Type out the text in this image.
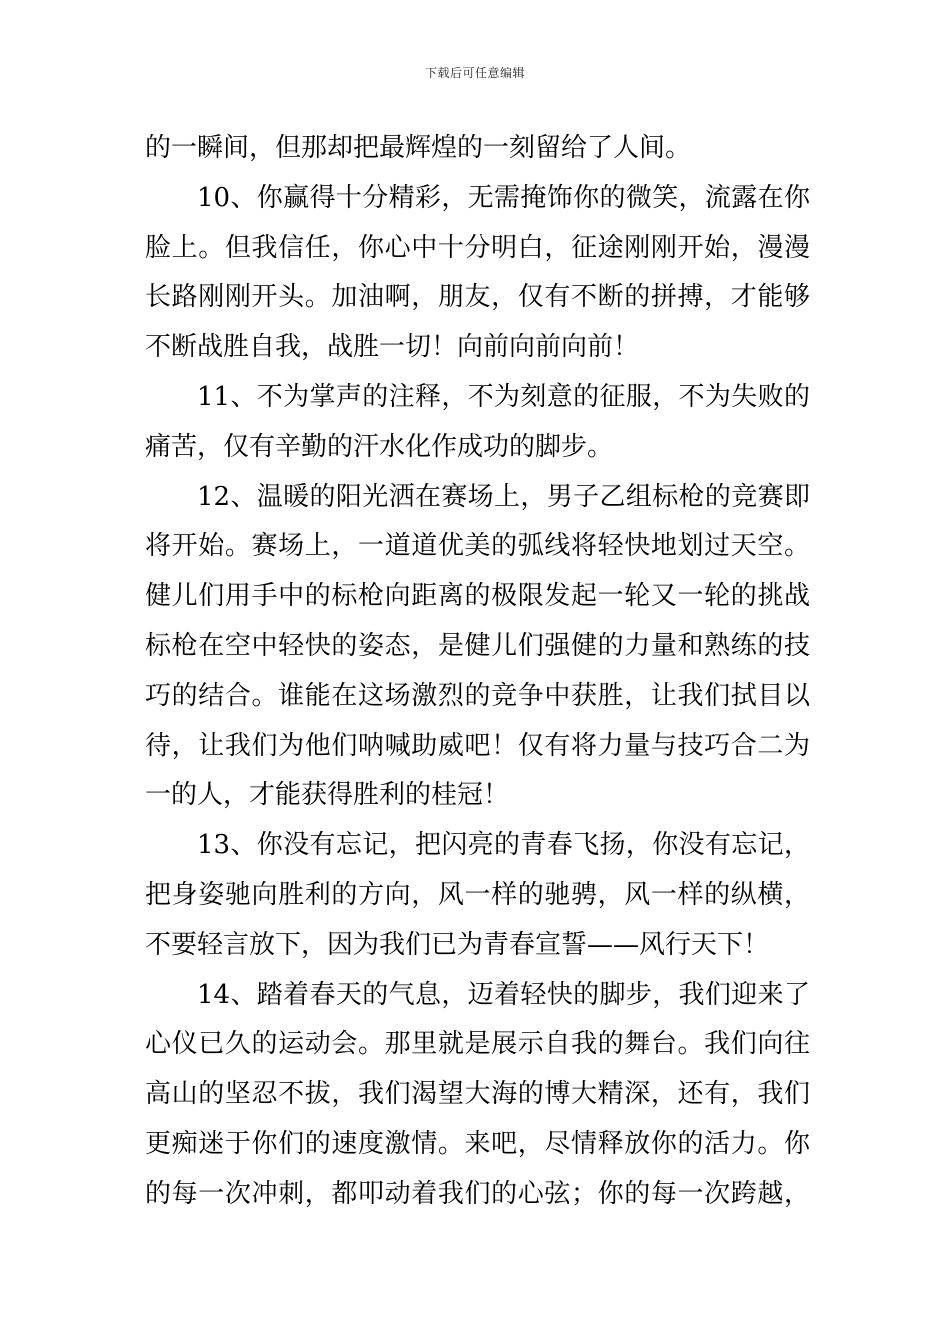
下载后可任意编辑
的一瞬间，但那却把最辉煌的一刻留给了人间。
10、你赢得十分精彩，无需掩饰你的微笑，流露在你
脸上。但我信任，你心中十分明白，征途刚刚开始，漫漫
长路刚刚开头。加油啊，朋友，仅有不断的拼搏，才能够
不断战胜自我，战胜一切！向前向前向前！
11、不为掌声的注释，不为刻意的征服，不为失败的
痛苦，仅有辛勤的汗水化作成功的脚步。
12、温暖的阳光洒在赛场上，男子乙组标枪的竞赛即
将开始。赛场上，一道道优美的弧线将轻快地划过天空。
健儿们用手中的标枪向距离的极限发起一轮又一轮的挑战
标枪在空中轻快的姿态，是健儿们强健的力量和熟练的技
巧的结合。谁能在这场激烈的竞争中获胜，让我们拭目以
待，让我们为他们呐喊助威吧！仅有将力量与技巧合二为
一的人，才能获得胜利的桂冠！
13、你没有忘记，把闪亮的青春飞扬，你没有忘记，
把身姿驰向胜利的方向，风一样的驰骋，风一样的纵横，
不要轻言放下，因为我们已为青春宣誓——风行天下！
14、踏着春天的气息，迈着轻快的脚步，我们迎来了
心仪已久的运动会。那里就是展示自我的舞台。我们向往
高山的坚忍不拔，我们渴望大海的博大精深，还有，我们
更痴迷于你们的速度激情。来吧，尽情释放你的活力。你
的每一次冲刺，都叩动着我们的心弦；你的每一次跨越，
